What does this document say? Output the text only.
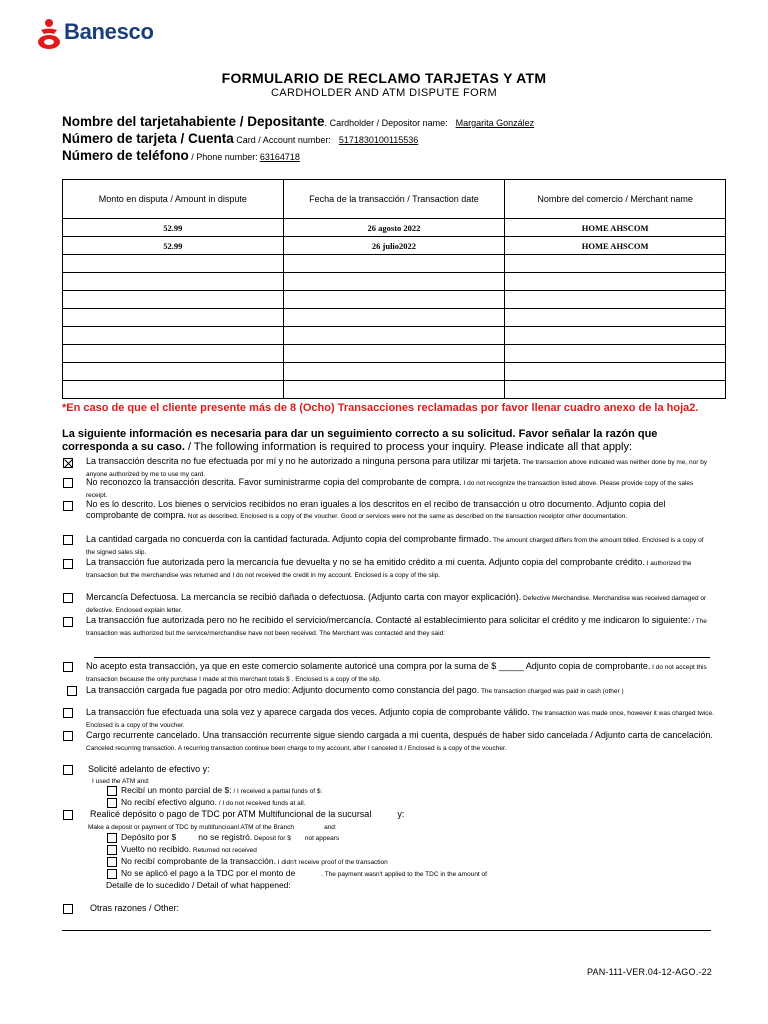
Banesco
FORMULARIO DE RECLAMO TARJETAS Y ATM
CARDHOLDER AND ATM DISPUTE FORM
Nombre del tarjetahabiente / Depositante. Cardholder / Depositor name: Margarita González
Número de tarjeta / Cuenta Card / Account number: 5171830100115536
Número de teléfono / Phone number: 63164718
Monto en disputa / Amount in dispute	Fecha de la transacción / Transaction date	Nombre del comercio / Merchant name
52.99	26 agosto 2022	HOME AHSCOM
52.99	26 julio2022	HOME AHSCOM

*En caso de que el cliente presente más de 8 (Ocho) Transacciones reclamadas por favor llenar cuadro anexo de la hoja2.
La siguiente información es necesaria para dar un seguimiento correcto a su solicitud. Favor señalar la razón que corresponda a su caso. / The following information is required to process your inquiry. Please indicate all that apply:
La transacción descrita no fue efectuada por mí y no he autorizado a ninguna persona para utilizar mi tarjeta. The transaction above indicated was neither done by me, nor by anyone authorized by me to use my card.
No reconozco la transacción descrita. Favor suministrarme copia del comprobante de compra. I do not recognize the transaction listed above. Please provide copy of the sales receipt.
No es lo descrito. Los bienes o servicios recibidos no eran iguales a los descritos en el recibo de transacción u otro documento. Adjunto copia del comprobante de compra. Not as described. Enclosed is a copy of the voucher. Good or services were not the same as described on the transaction receiptor other documentation.
La cantidad cargada no concuerda con la cantidad facturada. Adjunto copia del comprobante firmado. The amount charged differs from the amount billed. Enclosed is a copy of the signed sales slip.
La transacción fue autorizada pero la mercancía fue devuelta y no se ha emitido crédito a mi cuenta. Adjunto copia del comprobante crédito. I authorized the transaction but the merchandise was returned and I do not received the credit in my account. Enclosed is a copy of the slip.
Mercancía Defectuosa. La mercancía se recibió dañada o defectuosa. (Adjunto carta con mayor explicación). Defective Merchandise. Merchandise was received damaged or defective. Enclosed explain letter.
La transacción fue autorizada pero no he recibido el servicio/mercancía. Contacté al establecimiento para solicitar el crédito y me indicaron lo siguiente: / The transaction was authorized but the service/merchandise have not been received. The Merchant was contacted and they said:
No acepto esta transacción, ya que en este comercio solamente autoricé una compra por la suma de $ _____ Adjunto copia de comprobante. I do not accept this transaction because the only purchase I made at this merchant totals $ . Enclosed is a copy of the slip.
La transacción cargada fue pagada por otro medio: Adjunto documento como constancia del pago. The transaction charged was paid in cash (other )
La transacción fue efectuada una sola vez y aparece cargada dos veces. Adjunto copia de comprobante válido. The transaction was made once, however it was charged twice. Enclosed is a copy of the voucher.
Cargo recurrente cancelado. Una transacción recurrente sigue siendo cargada a mi cuenta, después de haber sido cancelada / Adjunto carta de cancelación. Canceled recurring transaction. A recurring transaction continue been charge to my account, after I canceled it / Enclosed is a copy of the voucher.
Solicité adelanto de efectivo y:
I used the ATM and:
Recibí un monto parcial de $: / I received a partial funds of $:
No recibí efectivo alguno. / I do not received funds at all.
Realicé depósito o pago de TDC por ATM Multifuncional de la sucursal	y:
Make a deposit or payment of TDC by multifuncioanl ATM of the Branch	and:
Depósito por $	no se registró. Deposit for $ not appears
Vuelto no recibido. Returned not received
No recibí comprobante de la transacción. I didn't receive proof of the transaction
No se aplicó el pago a la TDC por el monto de	. The payment wasn't applied to the TDC in the amount of
Detalle de lo sucedido / Detail of what happened:
Otras razones / Other:
PAN-111-VER.04-12-AGO.-22
